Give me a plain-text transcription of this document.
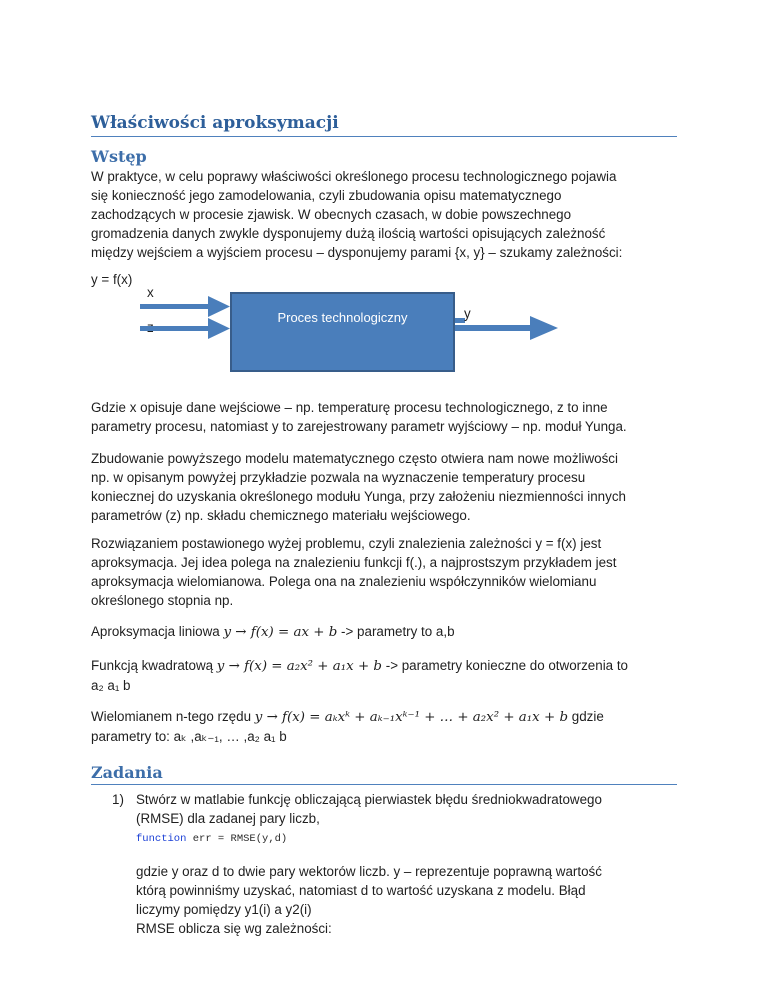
Właściwości aproksymacji
Wstęp
W praktyce, w celu poprawy właściwości określonego procesu technologicznego pojawia
się konieczność jego zamodelowania, czyli zbudowania opisu matematycznego
zachodzących w procesie zjawisk. W obecnych czasach, w dobie powszechnego
gromadzenia danych zwykle dysponujemy dużą ilością wartości opisujących zależność
między wejściem a wyjściem procesu – dysponujemy parami {x, y} – szukamy zależności:
y = f(x)
x
Proces technologiczny	y
Gdzie x opisuje dane wejściowe – np. temperaturę procesu technologicznego, z to inne
parametry procesu, natomiast y to zarejestrowany parametr wyjściowy – np. moduł Yunga.
Zbudowanie powyższego modelu matematycznego często otwiera nam nowe możliwości
np. w opisanym powyżej przykładzie pozwala na wyznaczenie temperatury procesu
koniecznej do uzyskania określonego modułu Yunga, przy założeniu niezmienności innych
parametrów (z) np. składu chemicznego materiału wejściowego.
Rozwiązaniem postawionego wyżej problemu, czyli znalezienia zależności y = f(x) jest
aproksymacja. Jej idea polega na znalezieniu funkcji f(.), a najprostszym przykładem jest
aproksymacja wielomianowa. Polega ona na znalezieniu współczynników wielomianu
określonego stopnia np.
Aproksymacja liniowa y → f(x) = ax + b -> parametry to a,b
Funkcją kwadratową y → f(x) = a₂x² + a₁x + b -> parametry konieczne do otworzenia to
a₂ a₁ b
Wielomianem n-tego rzędu y → f(x) = aₖxᵏ + aₖ₋₁xᵏ⁻¹ + … + a₂x² + a₁x + b gdzie
parametry to: aₖ ,aₖ₋₁, … ,a₂ a₁ b
Zadania
1) Stwórz w matlabie funkcję obliczającą pierwiastek błędu średniokwadratowego
(RMSE) dla zadanej pary liczb,
function err = RMSE(y,d)
gdzie y oraz d to dwie pary wektorów liczb. y – reprezentuje poprawną wartość
którą powinniśmy uzyskać, natomiast d to wartość uzyskana z modelu. Błąd
liczymy pomiędzy y1(i) a y2(i)
RMSE oblicza się wg zależności:
